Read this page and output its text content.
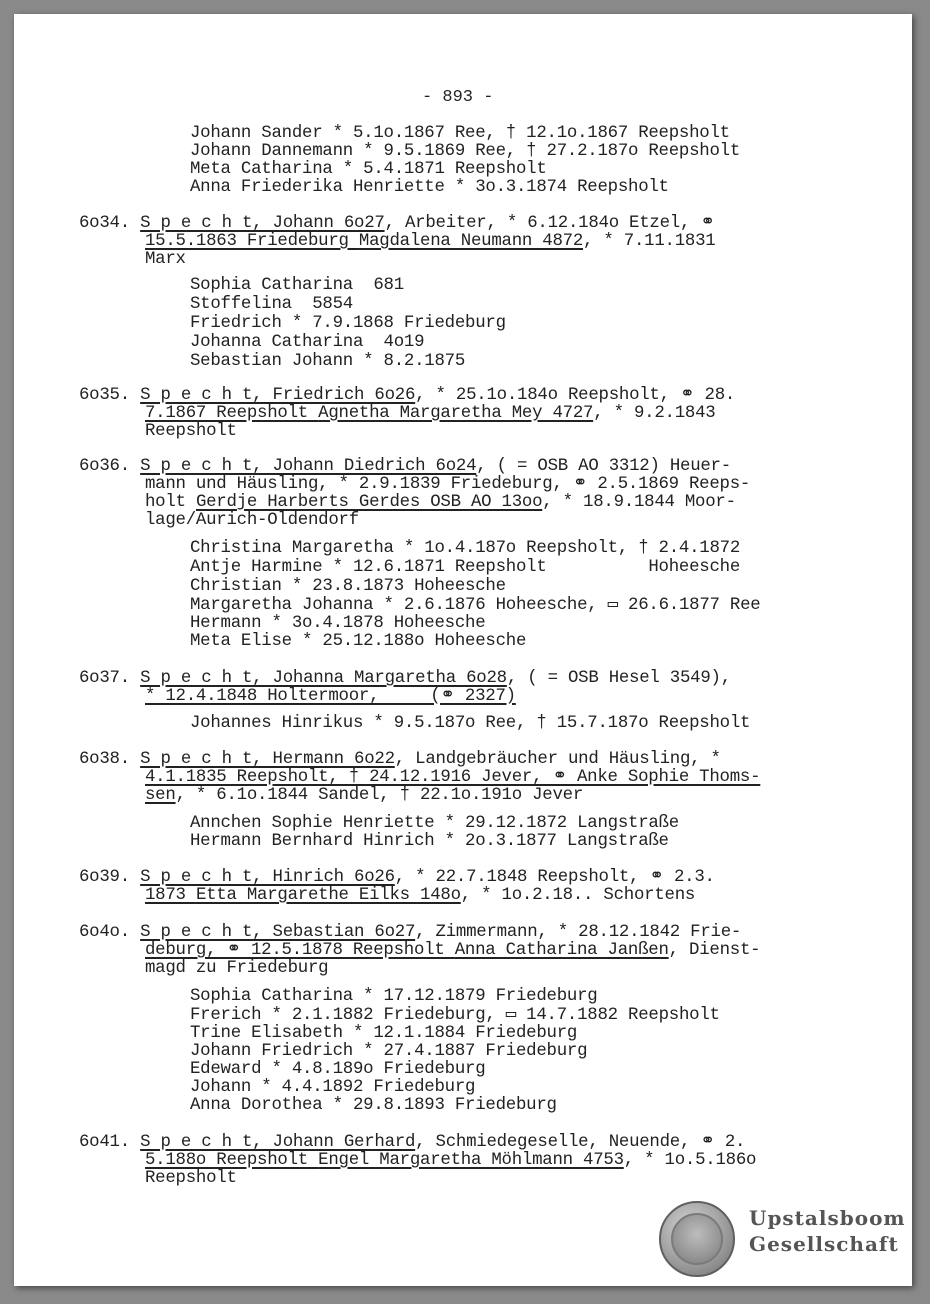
- 893 -
Johann Sander * 5.1o.1867 Ree, † 12.1o.1867 Reepsholt
Johann Dannemann * 9.5.1869 Ree, † 27.2.187o Reepsholt
Meta Catharina * 5.4.1871 Reepsholt
Anna Friederika Henriette * 3o.3.1874 Reepsholt
6o34. S p e c h t, Johann 6o27, Arbeiter, * 6.12.184o Etzel, ⚭
15.5.1863 Friedeburg Magdalena Neumann 4872, * 7.11.1831
Marx
Sophia Catharina  681
Stoffelina  5854
Friedrich * 7.9.1868 Friedeburg
Johanna Catharina  4o19
Sebastian Johann * 8.2.1875
6o35. S p e c h t, Friedrich 6o26, * 25.1o.184o Reepsholt, ⚭ 28.
7.1867 Reepsholt Agnetha Margaretha Mey 4727, * 9.2.1843
Reepsholt
6o36. S p e c h t, Johann Diedrich 6o24, ( = OSB AO 3312) Heuer-
mann und Häusling, * 2.9.1839 Friedeburg, ⚭ 2.5.1869 Reeps-
holt Gerdje Harberts Gerdes OSB AO 13oo, * 18.9.1844 Moor-
lage/Aurich-Oldendorf
Christina Margaretha * 1o.4.187o Reepsholt, † 2.4.1872
Antje Harmine * 12.6.1871 Reepsholt          Hoheesche
Christian * 23.8.1873 Hoheesche
Margaretha Johanna * 2.6.1876 Hoheesche, ▭ 26.6.1877 Ree
Hermann * 3o.4.1878 Hoheesche
Meta Elise * 25.12.188o Hoheesche
6o37. S p e c h t, Johanna Margaretha 6o28, ( = OSB Hesel 3549),
* 12.4.1848 Holtermoor,     (⚭ 2327)
Johannes Hinrikus * 9.5.187o Ree, † 15.7.187o Reepsholt
6o38. S p e c h t, Hermann 6o22, Landgebräucher und Häusling, *
4.1.1835 Reepsholt, † 24.12.1916 Jever, ⚭ Anke Sophie Thoms-
sen, * 6.1o.1844 Sandel, † 22.1o.191o Jever
Annchen Sophie Henriette * 29.12.1872 Langstraße
Hermann Bernhard Hinrich * 2o.3.1877 Langstraße
6o39. S p e c h t, Hinrich 6o26, * 22.7.1848 Reepsholt, ⚭ 2.3.
1873 Etta Margarethe Eilks 148o, * 1o.2.18.. Schortens
6o4o. S p e c h t, Sebastian 6o27, Zimmermann, * 28.12.1842 Frie-
deburg, ⚭ 12.5.1878 Reepsholt Anna Catharina Janßen, Dienst-
magd zu Friedeburg
Sophia Catharina * 17.12.1879 Friedeburg
Frerich * 2.1.1882 Friedeburg, ▭ 14.7.1882 Reepsholt
Trine Elisabeth * 12.1.1884 Friedeburg
Johann Friedrich * 27.4.1887 Friedeburg
Edeward * 4.8.189o Friedeburg
Johann * 4.4.1892 Friedeburg
Anna Dorothea * 29.8.1893 Friedeburg
6o41. S p e c h t, Johann Gerhard, Schmiedegeselle, Neuende, ⚭ 2.
5.188o Reepsholt Engel Margaretha Möhlmann 4753, * 1o.5.186o
Reepsholt
Upstalsboom
Gesellschaft
